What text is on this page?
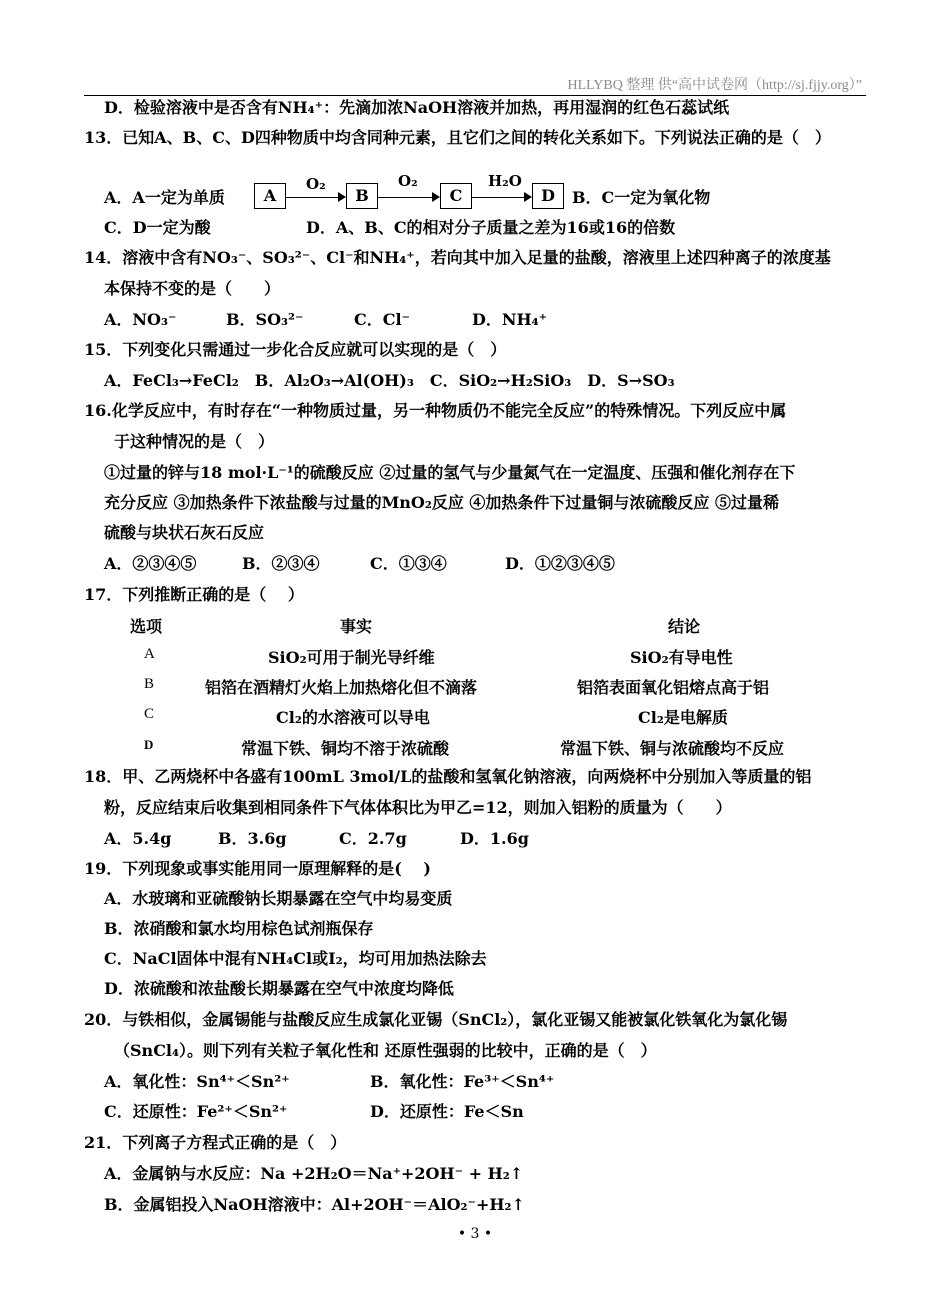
HLLYBQ 整理 供“高中试卷网（http://sj.fjjy.org）”
D．检验溶液中是否含有NH₄⁺：先滴加浓NaOH溶液并加热，再用湿润的红色石蕊试纸
13．已知A、B、C、D四种物质中均含同种元素，且它们之间的转化关系如下。下列说法正确的是（　）
A
O₂
B
O₂
C
H₂O
D
A．A一定为单质	B．C一定为氧化物
C．D一定为酸	D．A、B、C的相对分子质量之差为16或16的倍数
14．溶液中含有NO₃⁻、SO₃²⁻、Cl⁻和NH₄⁺，若向其中加入足量的盐酸，溶液里上述四种离子的浓度基
本保持不变的是（　　）
A．NO₃⁻	B．SO₃²⁻	C．Cl⁻	D．NH₄⁺
15．下列变化只需通过一步化合反应就可以实现的是（　）
A．FeCl₃→FeCl₂　B．Al₂O₃→Al(OH)₃　C．SiO₂→H₂SiO₃　D．S→SO₃
16.化学反应中，有时存在“一种物质过量，另一种物质仍不能完全反应”的特殊情况。下列反应中属
于这种情况的是（　）
①过量的锌与18 mol·L⁻¹的硫酸反应 ②过量的氢气与少量氮气在一定温度、压强和催化剂存在下
充分反应 ③加热条件下浓盐酸与过量的MnO₂反应 ④加热条件下过量铜与浓硫酸反应 ⑤过量稀
硫酸与块状石灰石反应
A．②③④⑤	B．②③④	C．①③④	D．①②③④⑤
17．下列推断正确的是（　 ）
选项	事实	结论
A	SiO₂可用于制光导纤维	SiO₂有导电性
B	铝箔在酒精灯火焰上加热熔化但不滴落	铝箔表面氧化铝熔点高于铝
C	Cl₂的水溶液可以导电	Cl₂是电解质
D	常温下铁、铜均不溶于浓硫酸	常温下铁、铜与浓硫酸均不反应
18．甲、乙两烧杯中各盛有100mL 3mol/L的盐酸和氢氧化钠溶液，向两烧杯中分别加入等质量的铝
粉，反应结束后收集到相同条件下气体体积比为甲乙=12，则加入铝粉的质量为（　　）
A．5.4g	B．3.6g	C．2.7g	D．1.6g
19．下列现象或事实能用同一原理解释的是(　 )
A．水玻璃和亚硫酸钠长期暴露在空气中均易变质
B．浓硝酸和氯水均用棕色试剂瓶保存
C．NaCl固体中混有NH₄Cl或I₂，均可用加热法除去
D．浓硫酸和浓盐酸长期暴露在空气中浓度均降低
20．与铁相似，金属锡能与盐酸反应生成氯化亚锡（SnCl₂），氯化亚锡又能被氯化铁氧化为氯化锡
（SnCl₄）。则下列有关粒子氧化性和 还原性强弱的比较中，正确的是（　）
A．氧化性：Sn⁴⁺＜Sn²⁺	B．氧化性：Fe³⁺＜Sn⁴⁺
C．还原性：Fe²⁺＜Sn²⁺	D．还原性：Fe＜Sn
21．下列离子方程式正确的是（　）
A．金属钠与水反应：Na +2H₂O＝Na⁺+2OH⁻ + H₂↑
B．金属铝投入NaOH溶液中：Al+2OH⁻＝AlO₂⁻+H₂↑
• 3 •
